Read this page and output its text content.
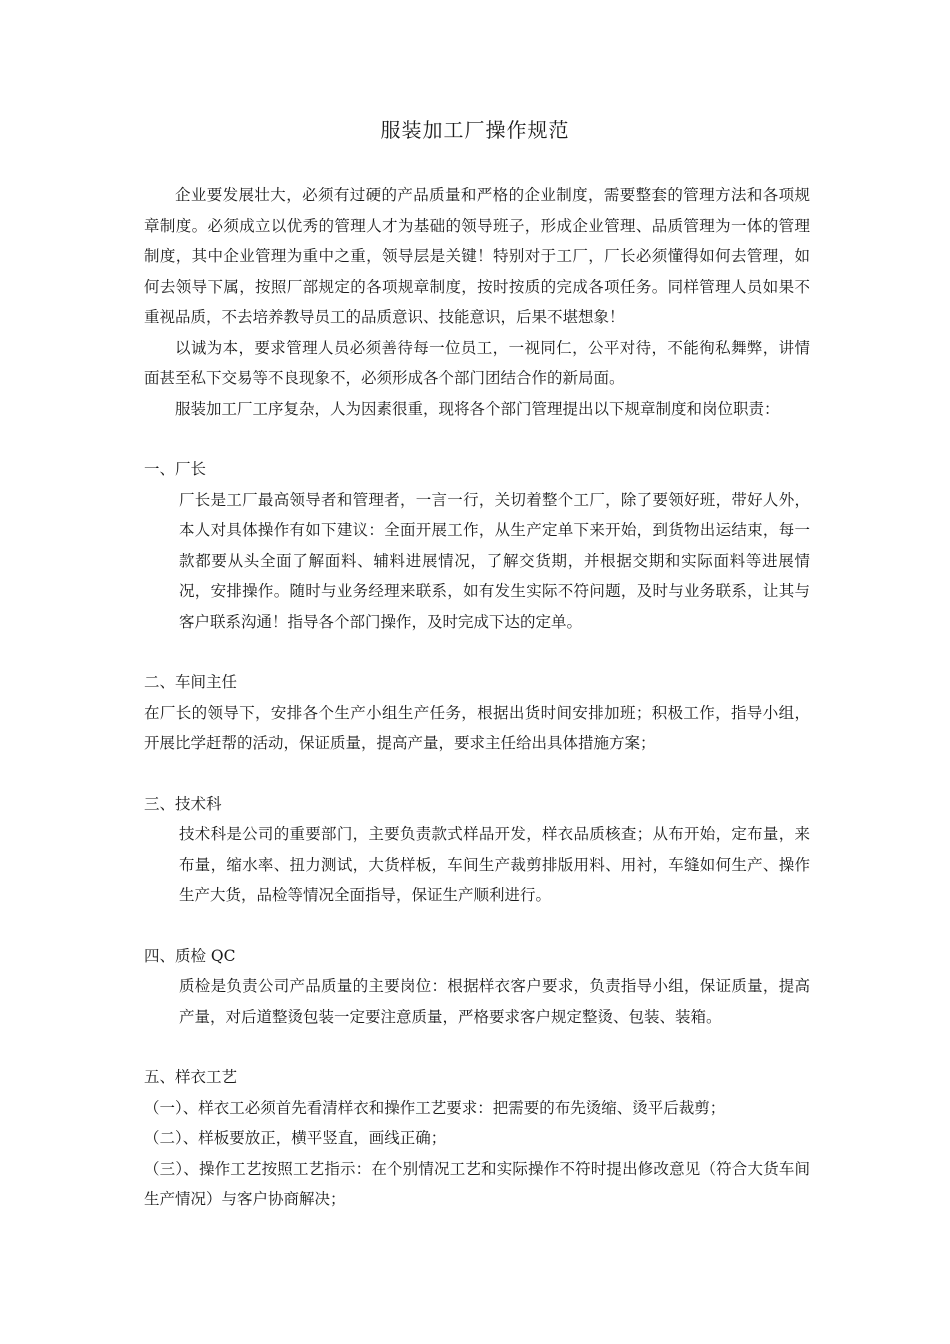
服装加工厂操作规范

企业要发展壮大，必须有过硬的产品质量和严格的企业制度，需要整套的管理方法和各项规章制度。必须成立以优秀的管理人才为基础的领导班子，形成企业管理、品质管理为一体的管理制度，其中企业管理为重中之重，领导层是关键！特别对于工厂，厂长必须懂得如何去管理，如何去领导下属，按照厂部规定的各项规章制度，按时按质的完成各项任务。同样管理人员如果不重视品质，不去培养教导员工的品质意识、技能意识，后果不堪想象！

以诚为本，要求管理人员必须善待每一位员工，一视同仁，公平对待，不能徇私舞弊，讲情面甚至私下交易等不良现象不，必须形成各个部门团结合作的新局面。

服装加工厂工序复杂，人为因素很重，现将各个部门管理提出以下规章制度和岗位职责：

一、厂长

厂长是工厂最高领导者和管理者，一言一行，关切着整个工厂，除了要领好班，带好人外，本人对具体操作有如下建议：全面开展工作，从生产定单下来开始，到货物出运结束，每一款都要从头全面了解面料、辅料进展情况，了解交货期，并根据交期和实际面料等进展情况，安排操作。随时与业务经理来联系，如有发生实际不符问题，及时与业务联系，让其与客户联系沟通！指导各个部门操作，及时完成下达的定单。

二、车间主任

在厂长的领导下，安排各个生产小组生产任务，根据出货时间安排加班；积极工作，指导小组，开展比学赶帮的活动，保证质量，提高产量，要求主任给出具体措施方案；

三、技术科

技术科是公司的重要部门，主要负责款式样品开发，样衣品质核查；从布开始，定布量，来布量，缩水率、扭力测试，大货样板，车间生产裁剪排版用料、用衬，车缝如何生产、操作生产大货，品检等情况全面指导，保证生产顺利进行。

四、质检 QC

质检是负责公司产品质量的主要岗位：根据样衣客户要求，负责指导小组，保证质量，提高产量，对后道整烫包装一定要注意质量，严格要求客户规定整烫、包装、装箱。

五、样衣工艺

（一）、样衣工必须首先看清样衣和操作工艺要求：把需要的布先烫缩、烫平后裁剪；

（二）、样板要放正，横平竖直，画线正确；

（三）、操作工艺按照工艺指示：在个别情况工艺和实际操作不符时提出修改意见（符合大货车间生产情况）与客户协商解决；
